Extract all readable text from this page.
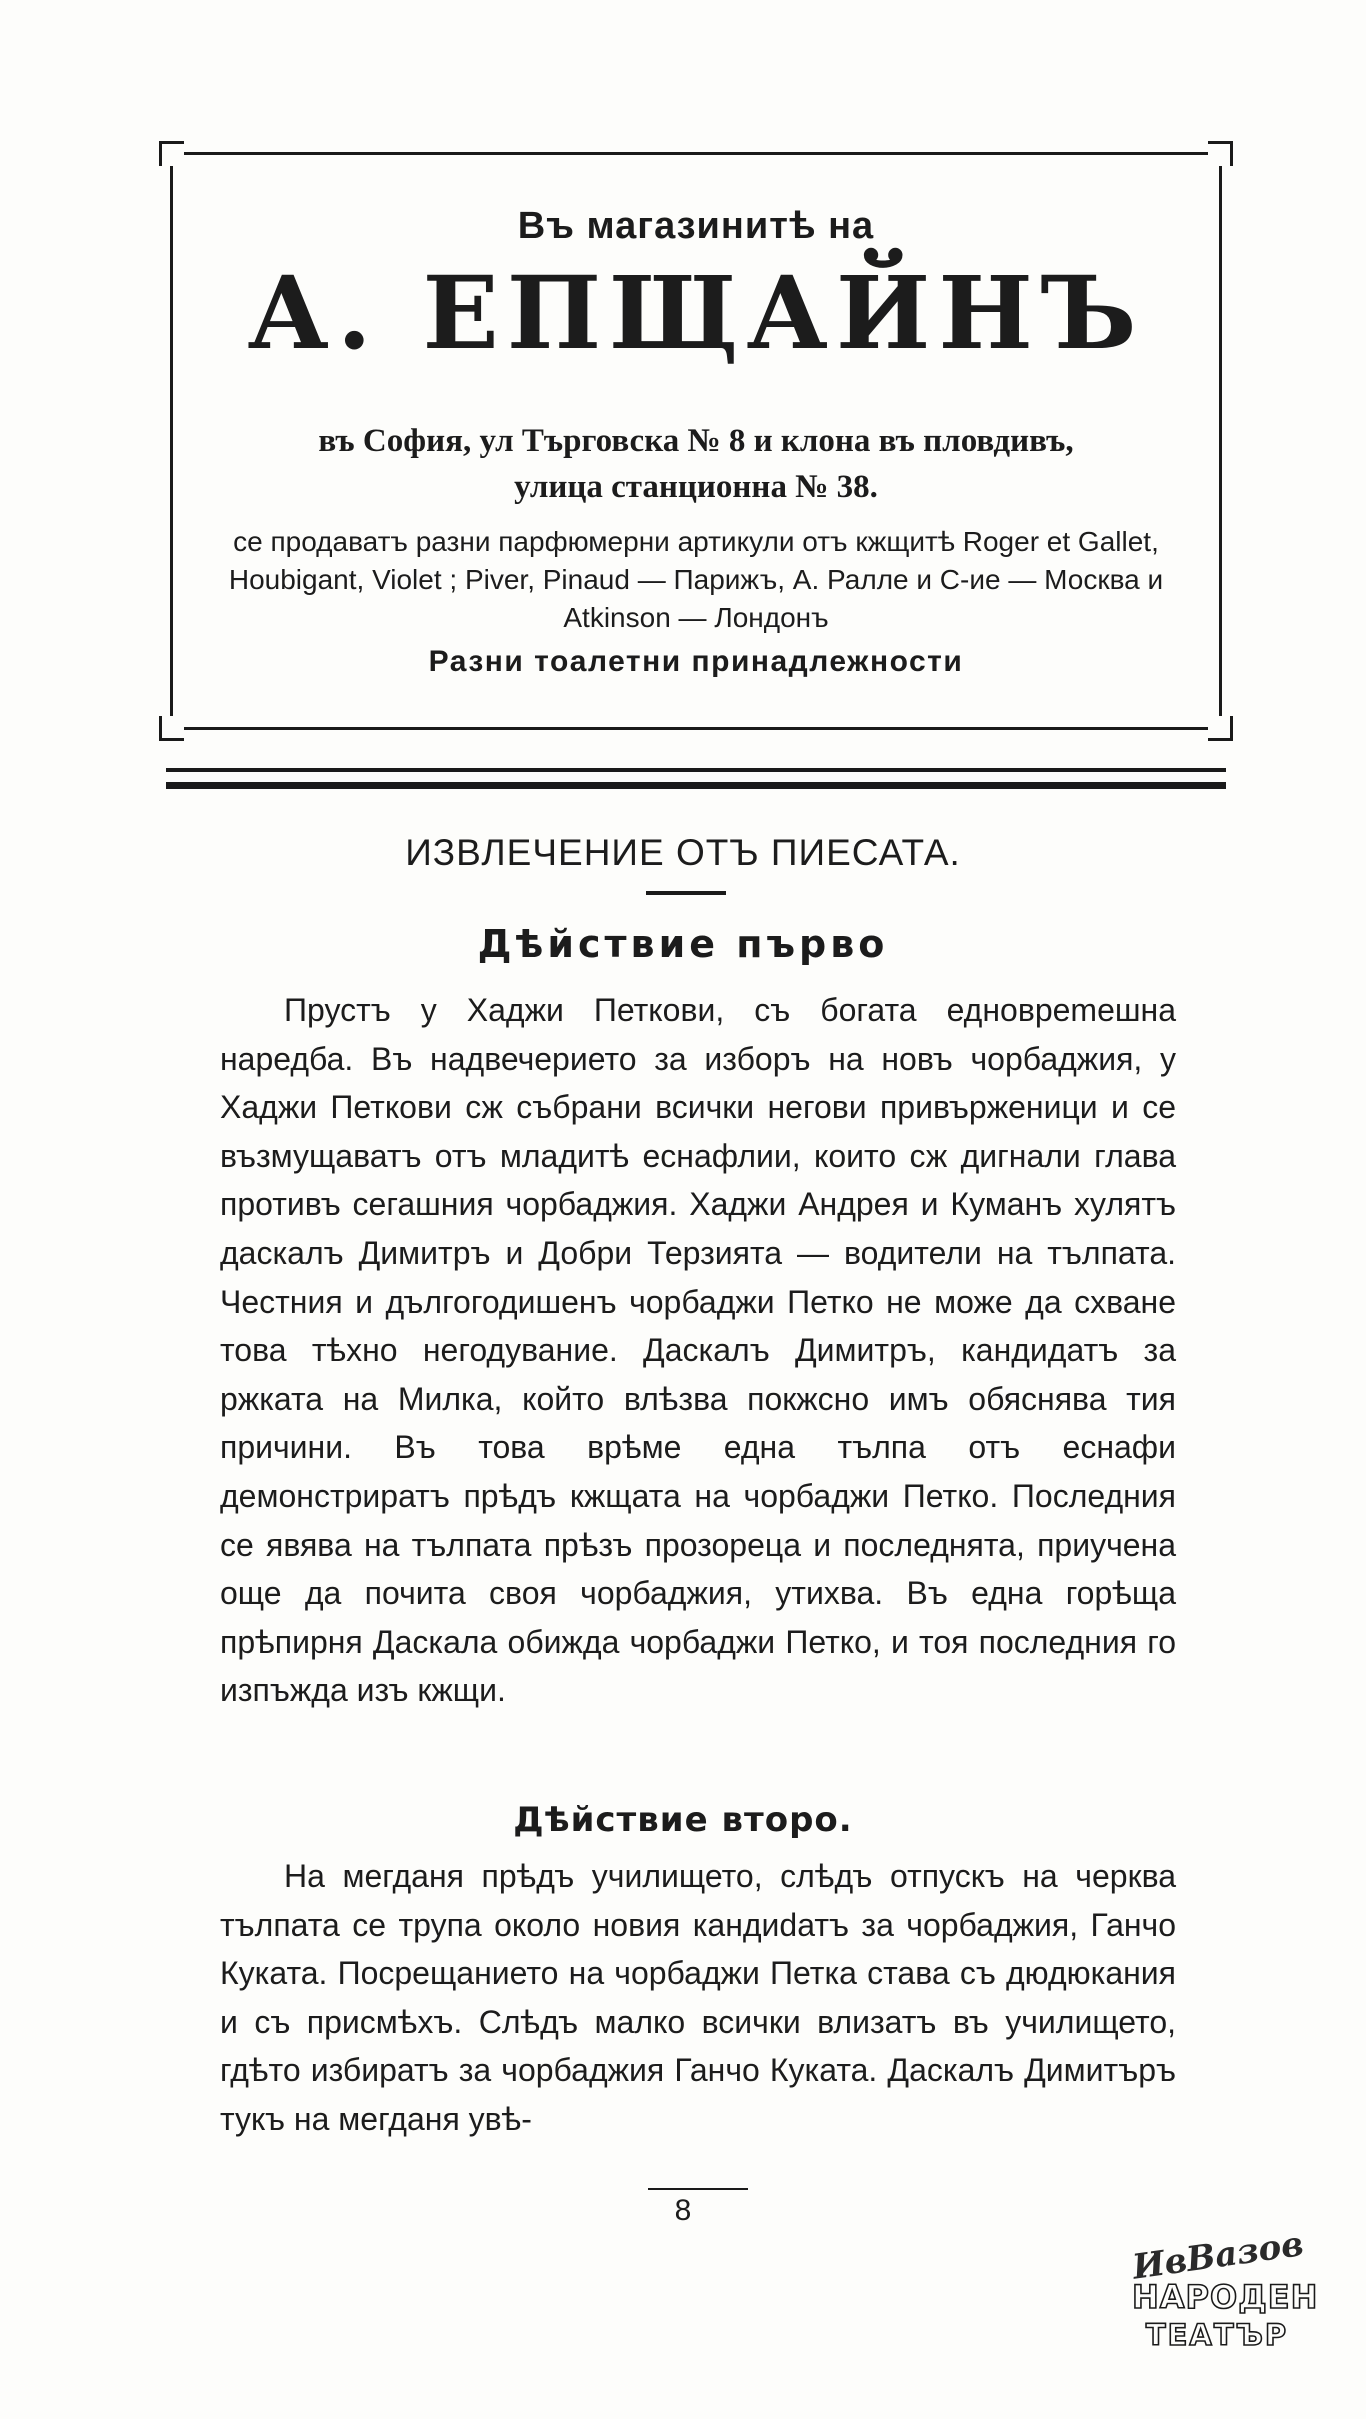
Въ магазинитѣ на
А. ЕПЩАЙНЪ
въ София, ул Търговска № 8 и клона въ пловдивъ,
улица станционна № 38.
се продаватъ разни парфюмерни артикули отъ кжщитѣ Roger et Gallet, Houbigant, Violet ; Piver, Pinaud — Парижъ, А. Ралле и С-ие — Москва и Atkinson — Лондонъ
Разни тоалетни принадлежности
ИЗВЛЕЧЕНИЕ ОТЪ ПИЕСАТА.
Дѣйствие първо

Прустъ у Хаджи Петкови, съ богата едновреmешна наредба. Въ надвечерието за изборъ на новъ чорбаджия, у Хаджи Петкови сж събрани всички негови привърженици и се възмущаватъ отъ младитѣ еснафлии, които сж дигнали глава противъ сегашния чорбаджия. Хаджи Андрея и Куманъ хулятъ даскалъ Димитръ и Добри Терзията — водители на тълпата. Честния и дългогодишенъ чорбаджи Петко не може да схване това тѣхно негодувание. Даскалъ Димитръ, кандидатъ за ржката на Милка, който влѣзва покжсно имъ обяснява тия причини. Въ това врѣме една тълпа отъ еснафи демонстриратъ прѣдъ кжщата на чорбаджи Петко. Последния се явява на тълпата прѣзъ прозореца и последнята, приучена още да почита своя чорбаджия, утихва. Въ една горѣща прѣпирня Даскала обижда чорбаджи Петко, и тоя последния го изпъжда изъ кжщи.

Дѣйствие второ.

На мегданя прѣдъ училището, слѣдъ отпускъ на черква тълпата се трупа около новия кандиdатъ за чорбаджия, Ганчо Куката. Посрещанието на чорбаджи Петка става съ дюдюкания и съ присмѣхъ. Слѣдъ малко всички влизатъ въ училището, гдѣто избиратъ за чорбаджия Ганчо Куката. Даскалъ Димитъръ тукъ на мегданя увѣ-

8
ИвВазов
НАРОДЕН
ТЕАТЪР
